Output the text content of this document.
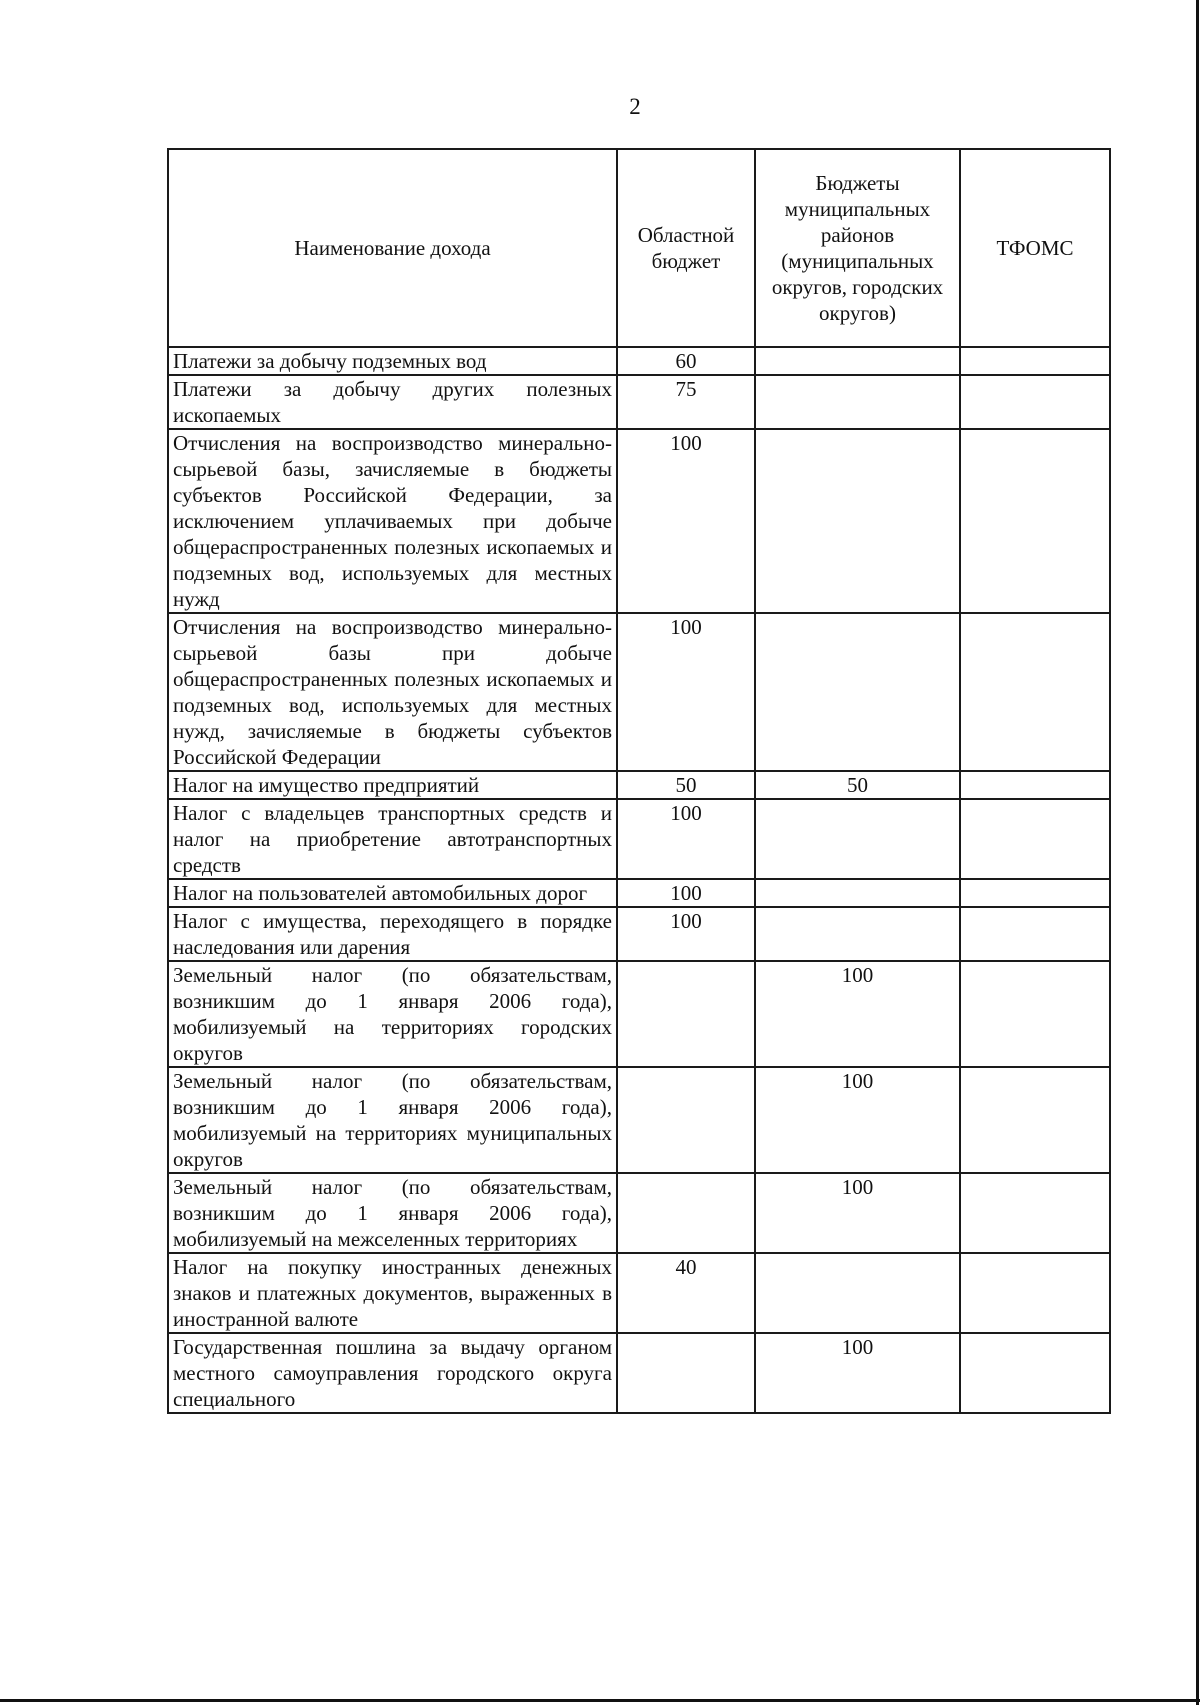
2
Наименование дохода	Областной бюджет	Бюджеты муниципальных районов (муниципальных округов, городских округов)	ТФОМС
Платежи за добычу подземных вод	60		
Платежи за добычу других полезных ископаемых	75		
Отчисления на воспроизводство минерально-сырьевой базы, зачисляемые в бюджеты субъектов Российской Федерации, за исключением уплачиваемых при добыче общераспространенных полезных ископаемых и подземных вод, используемых для местных нужд	100		
Отчисления на воспроизводство минерально-сырьевой базы при добыче общераспространенных полезных ископаемых и подземных вод, используемых для местных нужд, зачисляемые в бюджеты субъектов Российской Федерации	100		
Налог на имущество предприятий	50	50	
Налог с владельцев транспортных средств и налог на приобретение автотранспортных средств	100		
Налог на пользователей автомобильных дорог	100		
Налог с имущества, переходящего в порядке наследования или дарения	100		
Земельный налог (по обязательствам, возникшим до 1 января 2006 года), мобилизуемый на территориях городских округов		100	
Земельный налог (по обязательствам, возникшим до 1 января 2006 года), мобилизуемый на территориях муниципальных округов		100	
Земельный налог (по обязательствам, возникшим до 1 января 2006 года), мобилизуемый на межселенных территориях		100	
Налог на покупку иностранных денежных знаков и платежных документов, выраженных в иностранной валюте	40		
Государственная пошлина за выдачу органом местного самоуправления городского округа специального		100	
